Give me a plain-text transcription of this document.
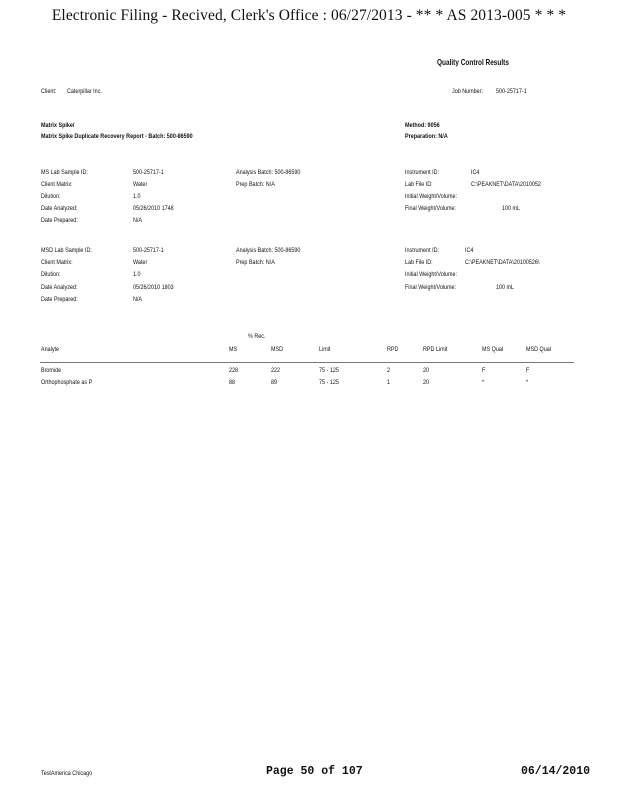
Electronic Filing - Recived, Clerk's Office : 06/27/2013 - ** * AS 2013-005 * * *
Quality Control Results
Client: Caterpillar Inc.	Job Number: 500-25717-1
Matrix Spike/
Matrix Spike Duplicate Recovery Report - Batch: 500-86590
Method: 9056
Preparation: N/A
MS Lab Sample ID:	500-25717-1
Client Matrix:	Water
Dilution:	1.0
Date Analyzed:	05/26/2010 1748
Date Prepared:	N/A
Analysis Batch: 500-86590
Prep Batch: N/A
Instrument ID:	IC4
Lab File ID:	C:\PEAKNET\DATA\2010052
Initial Weight/Volume:
Final Weight/Volume:	100 mL
MSD Lab Sample ID:	500-25717-1
Client Matrix:	Water
Dilution:	1.0
Date Analyzed:	05/26/2010 1803
Date Prepared:	N/A
Analysis Batch: 500-86590
Prep Batch: N/A
Instrument ID:	IC4
Lab File ID:	C:\PEAKNET\DATA\20100526\
Initial Weight/Volume:
Final Weight/Volume:	100 mL
% Rec.
Analyte	MS	MSD	Limit	RPD	RPD Limit	MS Qual	MSD Qual
Bromide	228	222	75 - 125	2	20	F	F
Orthophosphate as P	88	89	75 - 125	1	20	*	*
TestAmerica Chicago	Page 50 of 107	06/14/2010
